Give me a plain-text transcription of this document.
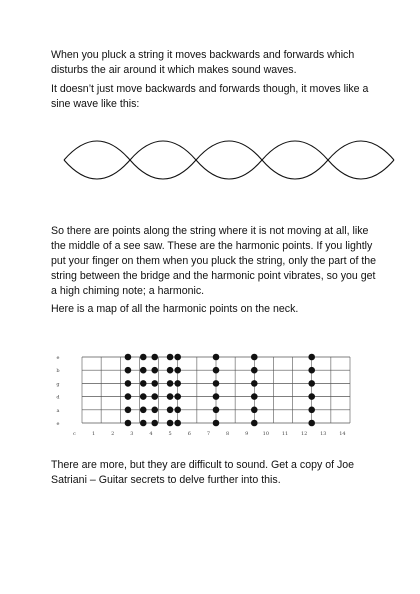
When you pluck a string it moves backwards and forwards which disturbs the air around it which makes sound waves.

It doesn’t just move backwards and forwards though, it moves like a sine wave like this:

e
b
g
d
a
e
c	1	2	3	4	5	6	7	8	9	10	11	12	13	14

So there are points along the string where it is not moving at all, like the middle of a see saw. These are the harmonic points. If you lightly put your finger on them when you pluck the string, only the part of the string between the bridge and the harmonic point vibrates, so you get a high chiming note; a harmonic.

Here is a map of all the harmonic points on the neck.

There are more, but they are difficult to sound. Get a copy of Joe Satriani – Guitar secrets to delve further into this.
